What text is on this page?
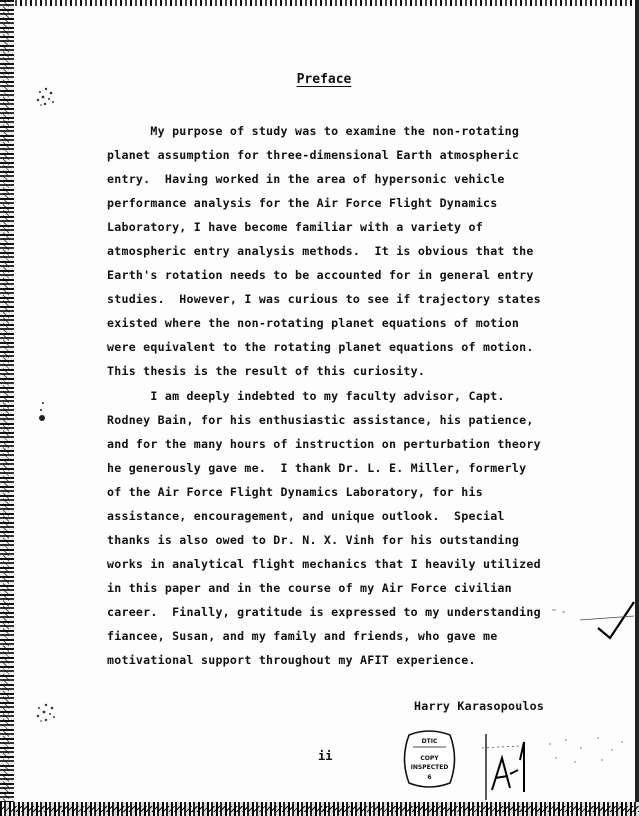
Preface
My purpose of study was to examine the non-rotating
planet assumption for three-dimensional Earth atmospheric
entry.  Having worked in the area of hypersonic vehicle
performance analysis for the Air Force Flight Dynamics
Laboratory, I have become familiar with a variety of
atmospheric entry analysis methods.  It is obvious that the
Earth's rotation needs to be accounted for in general entry
studies.  However, I was curious to see if trajectory states
existed where the non-rotating planet equations of motion
were equivalent to the rotating planet equations of motion.
This thesis is the result of this curiosity.
I am deeply indebted to my faculty advisor, Capt.
Rodney Bain, for his enthusiastic assistance, his patience,
and for the many hours of instruction on perturbation theory
he generously gave me.  I thank Dr. L. E. Miller, formerly
of the Air Force Flight Dynamics Laboratory, for his
assistance, encouragement, and unique outlook.  Special
thanks is also owed to Dr. N. X. Vinh for his outstanding
works in analytical flight mechanics that I heavily utilized
in this paper and in the course of my Air Force civilian
career.  Finally, gratitude is expressed to my understanding
fiancee, Susan, and my family and friends, who gave me
motivational support throughout my AFIT experience.
Harry Karasopoulos
ii
DTIC
COPY
INSPECTED
6
